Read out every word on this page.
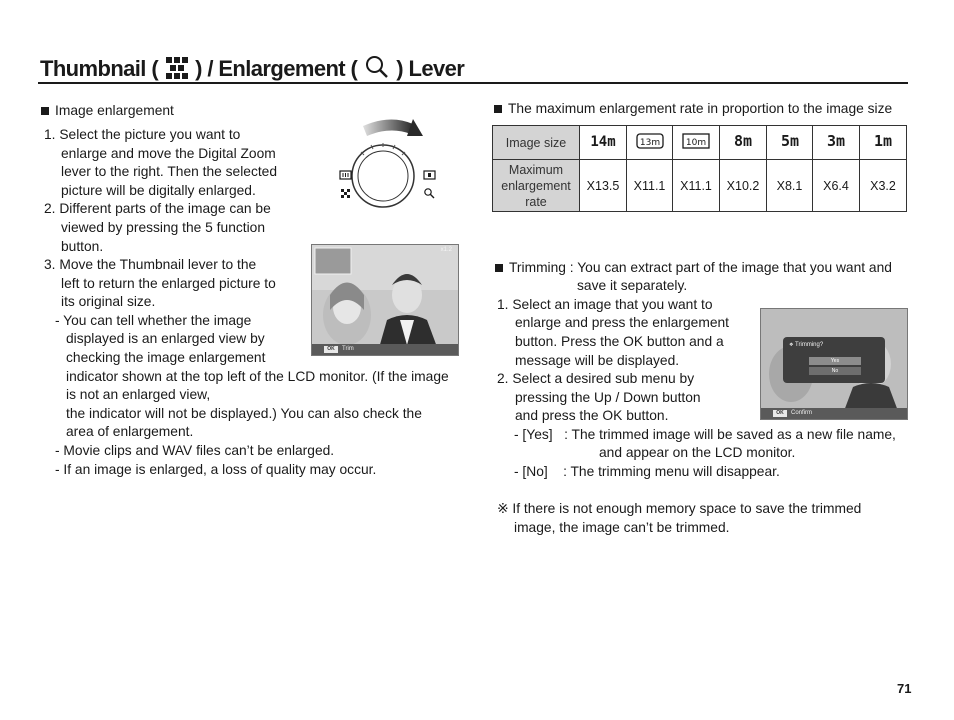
Thumbnail ( ) / Enlargement ( ) Lever
Image enlargement
1. Select the picture you want to
enlarge and move the Digital Zoom
lever to the right. Then the selected
picture will be digitally enlarged.
2. Different parts of the image can be
viewed by pressing the 5 function
button.
3. Move the Thumbnail lever to the
left to return the enlarged picture to
its original size.
- You can tell whether the image
displayed is an enlarged view by
checking the image enlargement
indicator shown at the top left of the LCD monitor. (If the image
is not an enlarged view,
the indicator will not be displayed.) You can also check the
area of enlargement.
- Movie clips and WAV files can’t be enlarged.
- If an image is enlarged, a loss of quality may occur.
x1.2
OK	Trim
The maximum enlargement rate in proportion to the image size
Image size	14m	13m	10m	8m	5m	3m	1m

Maximum
enlargement
rate	X13.5	X11.1	X11.1	X10.2	X8.1	X6.4	X3.2
Trimming : You can extract part of the image that you want and
save it separately.
1. Select an image that you want to
enlarge and press the enlargement
button. Press the OK button and a
message will be displayed.
2. Select a desired sub menu by
pressing the Up / Down button
and press the OK button.
- [Yes]   : The trimmed image will be saved as a new file name,
and appear on the LCD monitor.
- [No]    : The trimming menu will disappear.
※ If there is not enough memory space to save the trimmed
image, the image can’t be trimmed.
❖ Trimming?
Yes
No
OK	Confirm
71
